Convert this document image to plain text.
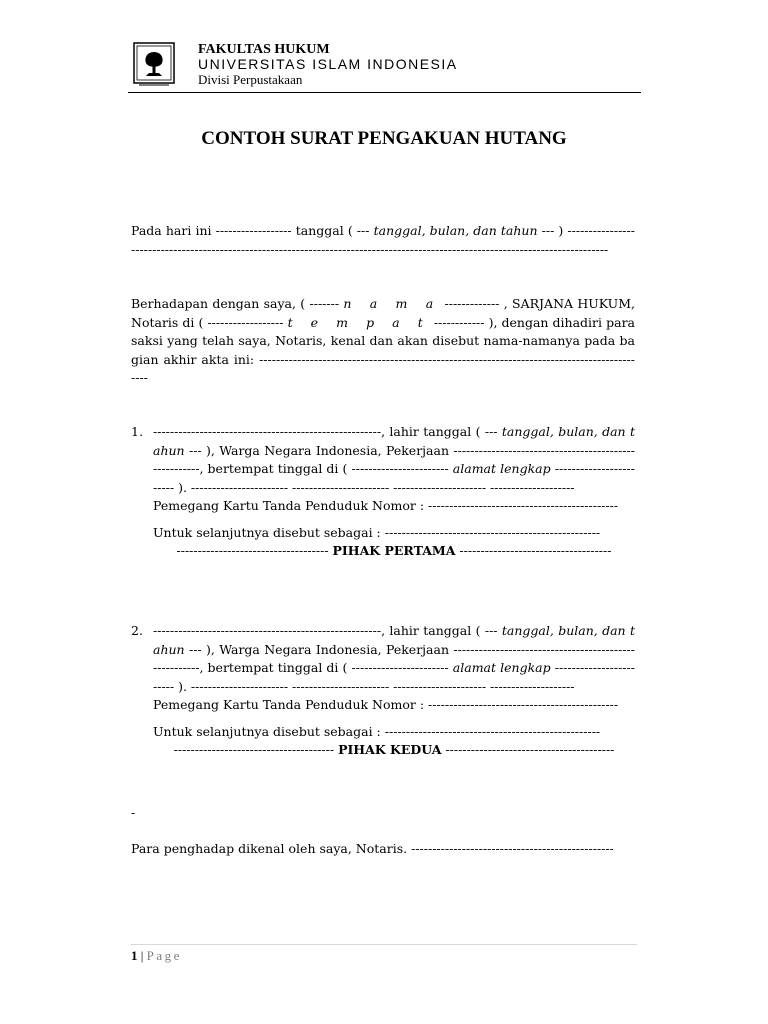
FAKULTAS HUKUM
UNIVERSITAS ISLAM INDONESIA
Divisi Perpustakaan
CONTOH SURAT PENGAKUAN HUTANG
Pada hari ini ------------------ tanggal ( --- tanggal, bulan, dan tahun --- ) ---------------------------------------------------------------------------------------------------------------------------------
Berhadapan dengan saya, ( ------- n a m a ------------- , SARJANA HUKUM, Notaris di ( ------------------ t e m p a t ------------ ), dengan dihadiri para saksi yang telah saya, Notaris, kenal dan akan disebut nama-namanya pada bagian akhir akta ini: ---------------------------------------------------------------------------------------------
1. ------------------------------------------------------, lahir tanggal ( --- tanggal, bulan, dan tahun --- ), Warga Negara Indonesia, Pekerjaan ------------------------------------------------------, bertempat tinggal di ( ----------------------- alamat lengkap ------------------------ ). ----------------------- ----------------------- ---------------------- --------------------
Pemegang Kartu Tanda Penduduk Nomor : ---------------------------------------------
Untuk selanjutnya disebut sebagai : ---------------------------------------------------
------------------------------------ PIHAK PERTAMA ------------------------------------
2. ------------------------------------------------------, lahir tanggal ( --- tanggal, bulan, dan tahun --- ), Warga Negara Indonesia, Pekerjaan ------------------------------------------------------, bertempat tinggal di ( ----------------------- alamat lengkap ------------------------ ). ----------------------- ----------------------- ---------------------- --------------------
Pemegang Kartu Tanda Penduduk Nomor : ---------------------------------------------
Untuk selanjutnya disebut sebagai : ---------------------------------------------------
-------------------------------------- PIHAK KEDUA ----------------------------------------
-
Para penghadap dikenal oleh saya, Notaris. ------------------------------------------------
1 | Page
